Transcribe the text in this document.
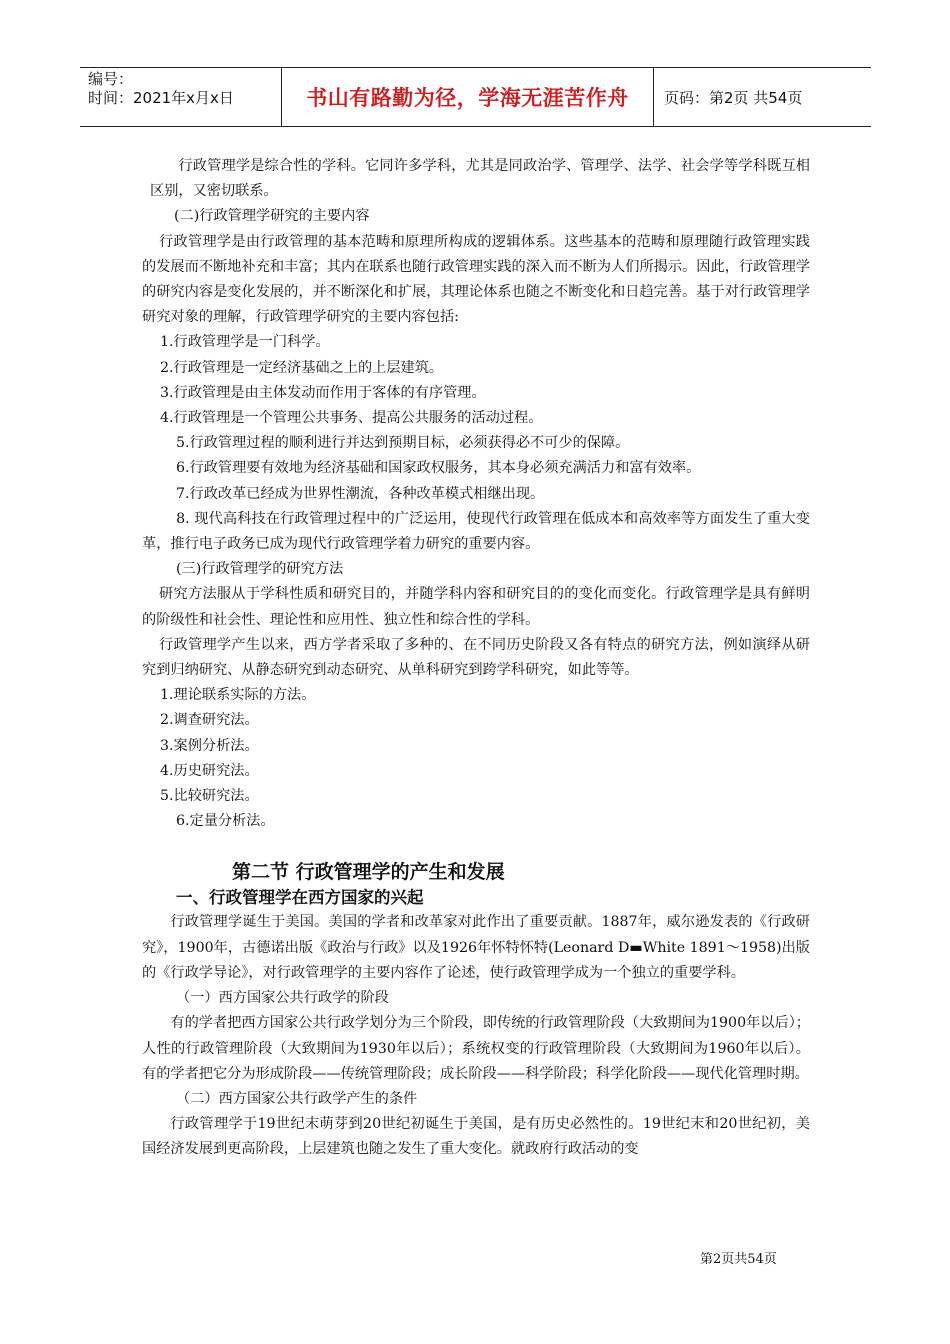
编号：
时间：2021年x月x日	书山有路勤为径，学海无涯苦作舟	页码：第2页 共54页

行政管理学是综合性的学科。它同许多学科，尤其是同政治学、管理学、法学、社会学等学科既互相区别，又密切联系。

(二)行政管理学研究的主要内容

行政管理学是由行政管理的基本范畴和原理所构成的逻辑体系。这些基本的范畴和原理随行政管理实践的发展而不断地补充和丰富；其内在联系也随行政管理实践的深入而不断为人们所揭示。因此，行政管理学的研究内容是变化发展的，并不断深化和扩展，其理论体系也随之不断变化和日趋完善。基于对行政管理学研究对象的理解，行政管理学研究的主要内容包括:

1.行政管理学是一门科学。

2.行政管理是一定经济基础之上的上层建筑。

3.行政管理是由主体发动而作用于客体的有序管理。

4.行政管理是一个管理公共事务、提高公共服务的活动过程。

5.行政管理过程的顺利进行并达到预期目标，必须获得必不可少的保障。

6.行政管理要有效地为经济基础和国家政权服务，其本身必须充满活力和富有效率。

7.行政改革已经成为世界性潮流，各种改革模式相继出现。

8. 现代高科技在行政管理过程中的广泛运用，使现代行政管理在低成本和高效率等方面发生了重大变革，推行电子政务已成为现代行政管理学着力研究的重要内容。

(三)行政管理学的研究方法

研究方法服从于学科性质和研究目的，并随学科内容和研究目的的变化而变化。行政管理学是具有鲜明的阶级性和社会性、理论性和应用性、独立性和综合性的学科。

行政管理学产生以来，西方学者采取了多种的、在不同历史阶段又各有特点的研究方法，例如演绎从研究到归纳研究、从静态研究到动态研究、从单科研究到跨学科研究，如此等等。

1.理论联系实际的方法。

2.调查研究法。

3.案例分析法。

4.历史研究法。

5.比较研究法。

6.定量分析法。

第二节 行政管理学的产生和发展

一、行政管理学在西方国家的兴起

行政管理学诞生于美国。美国的学者和改革家对此作出了重要贡献。1887年，威尔逊发表的《行政研究》，1900年，古德诺出版《政治与行政》以及1926年怀特怀特(Leonard D▬White 1891～1958)出版的《行政学导论》，对行政管理学的主要内容作了论述，使行政管理学成为一个独立的重要学科。

（一）西方国家公共行政学的阶段

有的学者把西方国家公共行政学划分为三个阶段，即传统的行政管理阶段（大致期间为1900年以后）；人性的行政管理阶段（大致期间为1930年以后）；系统权变的行政管理阶段（大致期间为1960年以后）。有的学者把它分为形成阶段——传统管理阶段；成长阶段——科学阶段；科学化阶段——现代化管理时期。

（二）西方国家公共行政学产生的条件

行政管理学于19世纪末萌芽到20世纪初诞生于美国，是有历史必然性的。19世纪末和20世纪初，美国经济发展到更高阶段，上层建筑也随之发生了重大变化。就政府行政活动的变

第2页共54页
